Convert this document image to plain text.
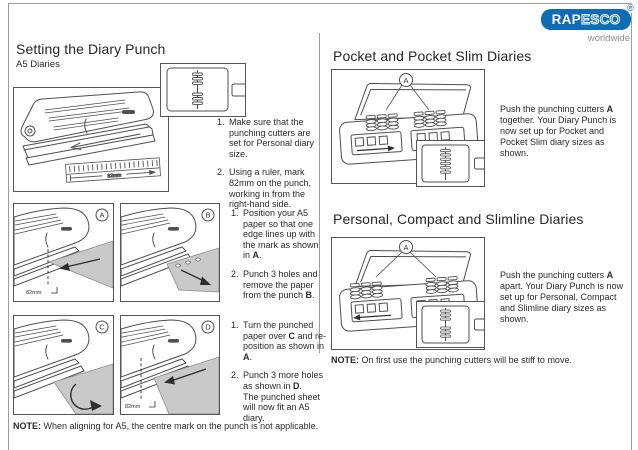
RAP ESCO
®
worldwide
Setting the Diary Punch
A5 Diaries
82mm
1. Make sure that the punching cutters are set for Personal diary size.
2. Using a ruler, mark 82mm on the punch, working in from the right-hand side.
82mm
A	B 1. Position your A5 paper so that one edge lines up with the mark as shown in A.
2. Punch 3 holes and remove the paper from the punch B.
C
82mm
D 1. Turn the punched paper over C and re-position as shown in A.
2. Punch 3 more holes as shown in D.
The punched sheet will now fit an A5 diary.
NOTE: When aligning for A5, the centre mark on the punch is not applicable.
Pocket and Pocket Slim Diaries
A
Push the punching cutters A together. Your Diary Punch is now set up for Pocket and Pocket Slim diary sizes as shown.
Personal, Compact and Slimline Diaries
A
Push the punching cutters A apart. Your Diary Punch is now set up for Personal, Compact and Slimline diary sizes as shown.
NOTE: On first use the punching cutters will be stiff to move.
